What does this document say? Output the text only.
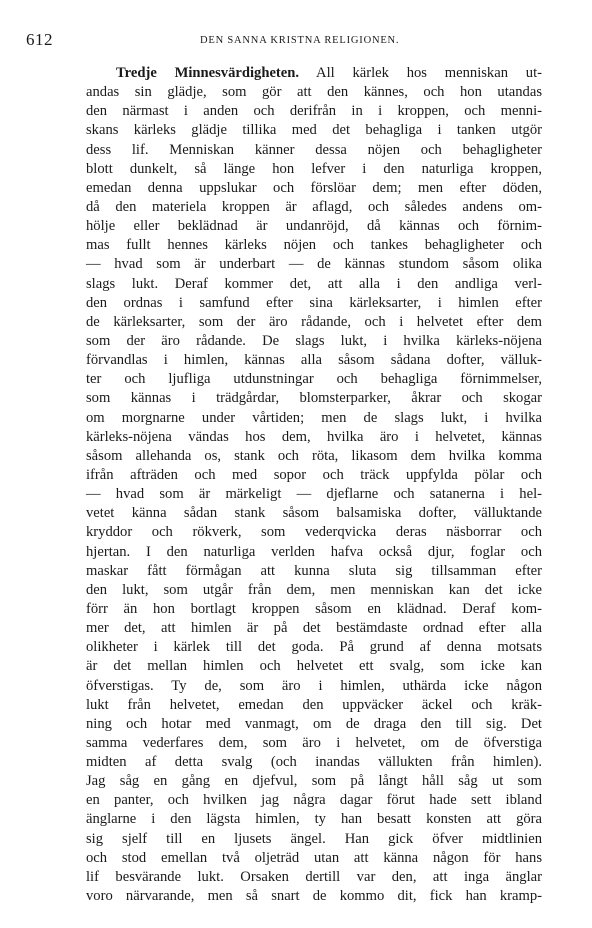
612	DEN SANNA KRISTNA RELIGIONEN.
Tredje Minnesvärdigheten. All kärlek hos menniskan ut-
andas sin glädje, som gör att den kännes, och hon utandas
den närmast i anden och derifrån in i kroppen, och menni-
skans kärleks glädje tillika med det behagliga i tanken utgör
dess lif. Menniskan känner dessa nöjen och behagligheter
blott dunkelt, så länge hon lefver i den naturliga kroppen,
emedan denna uppslukar och förslöar dem; men efter döden,
då den materiela kroppen är aflagd, och således andens om-
hölje eller beklädnad är undanröjd, då kännas och förnim-
mas fullt hennes kärleks nöjen och tankes behagligheter och
— hvad som är underbart — de kännas stundom såsom olika
slags lukt. Deraf kommer det, att alla i den andliga verl-
den ordnas i samfund efter sina kärleksarter, i himlen efter
de kärleksarter, som der äro rådande, och i helvetet efter dem
som der äro rådande. De slags lukt, i hvilka kärleks-nöjena
förvandlas i himlen, kännas alla såsom sådana dofter, välluk-
ter och ljufliga utdunstningar och behagliga förnimmelser,
som kännas i trädgårdar, blomsterparker, åkrar och skogar
om morgnarne under vårtiden; men de slags lukt, i hvilka
kärleks-nöjena vändas hos dem, hvilka äro i helvetet, kännas
såsom allehanda os, stank och röta, likasom dem hvilka komma
ifrån afträden och med sopor och träck uppfylda pölar och
— hvad som är märkeligt — djeflarne och satanerna i hel-
vetet känna sådan stank såsom balsamiska dofter, välluktande
kryddor och rökverk, som vederqvicka deras näsborrar och
hjertan. I den naturliga verlden hafva också djur, foglar och
maskar fått förmågan att kunna sluta sig tillsamman efter
den lukt, som utgår från dem, men menniskan kan det icke
förr än hon bortlagt kroppen såsom en klädnad. Deraf kom-
mer det, att himlen är på det bestämdaste ordnad efter alla
olikheter i kärlek till det goda. På grund af denna motsats
är det mellan himlen och helvetet ett svalg, som icke kan
öfverstigas. Ty de, som äro i himlen, uthärda icke någon
lukt från helvetet, emedan den uppväcker äckel och kräk-
ning och hotar med vanmagt, om de draga den till sig. Det
samma vederfares dem, som äro i helvetet, om de öfverstiga
midten af detta svalg (och inandas vällukten från himlen).
Jag såg en gång en djefvul, som på långt håll såg ut som
en panter, och hvilken jag några dagar förut hade sett ibland
änglarne i den lägsta himlen, ty han besatt konsten att göra
sig sjelf till en ljusets ängel. Han gick öfver midtlinien
och stod emellan två oljeträd utan att känna någon för hans
lif besvärande lukt. Orsaken dertill var den, att inga änglar
voro närvarande, men så snart de kommo dit, fick han kramp-
